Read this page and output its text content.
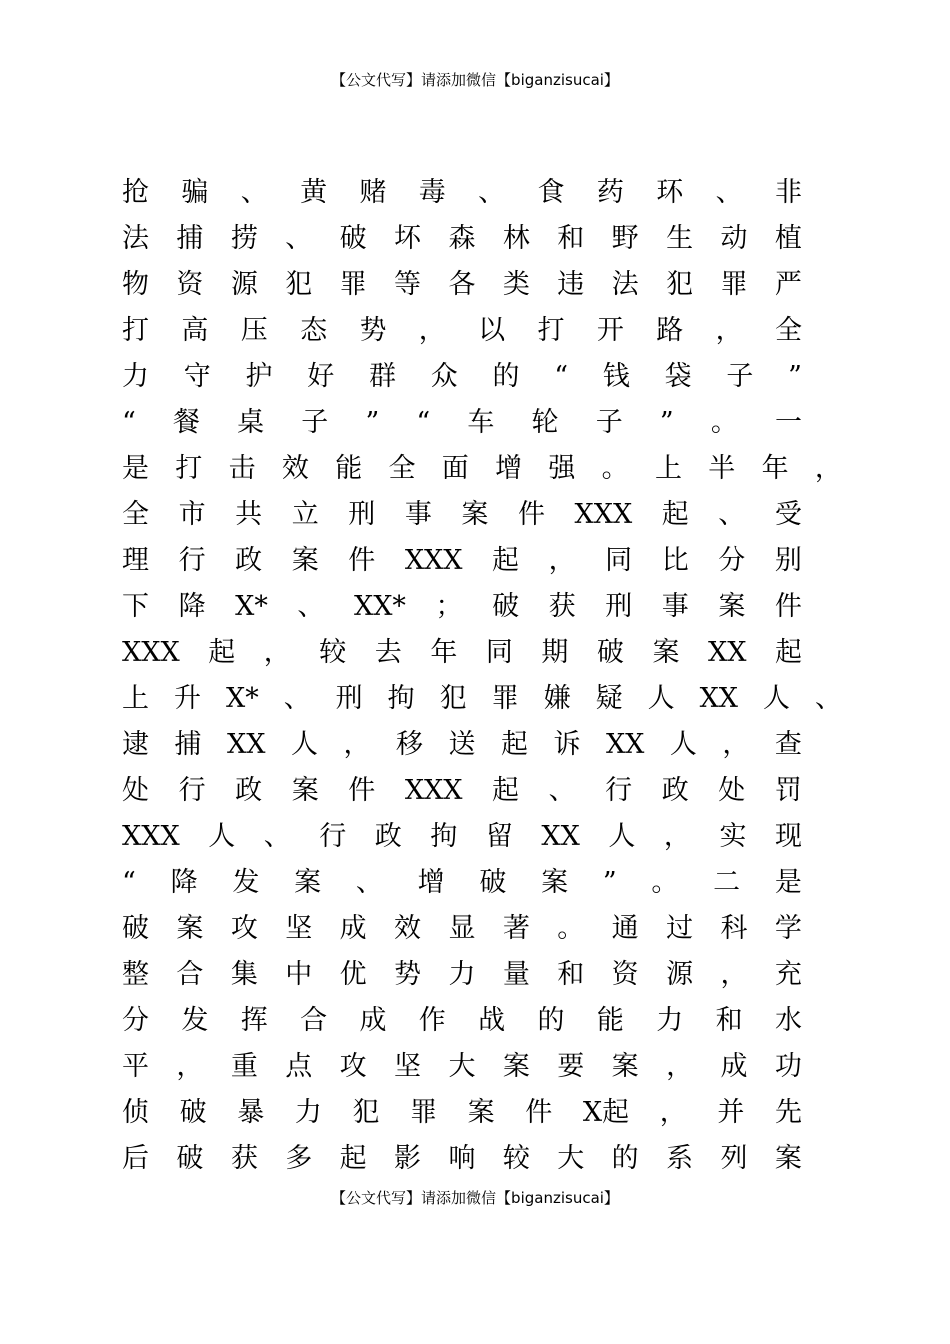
【公文代写】请添加微信【biganzisucai】
抢 骗 、 黄 赌 毒 、 食 药 环 、 非
法 捕 捞 、 破 坏 森 林 和 野 生 动 植
物 资 源 犯 罪 等 各 类 违 法 犯 罪 严
打 高 压 态 势 ， 以 打 开 路 ， 全
力 守 护 好 群 众 的 “ 钱 袋 子 ”
“ 餐 桌 子 ” “ 车 轮 子 ” 。 一
是 打 击 效 能 全 面 增 强 。 上 半 年 ，
全 市 共 立 刑 事 案 件 XXX 起 、 受
理 行 政 案 件 XXX 起 ， 同 比 分 别
下 降 X* 、 XX* ； 破 获 刑 事 案 件
XXX 起 ， 较 去 年 同 期 破 案 XX 起
上 升 X* 、 刑 拘 犯 罪 嫌 疑 人 XX 人 、
逮 捕 XX 人 ， 移 送 起 诉 XX 人 ， 查
处 行 政 案 件 XXX 起 、 行 政 处 罚
XXX 人 、 行 政 拘 留 XX 人 ， 实 现
“ 降 发 案 、 增 破 案 ” 。 二 是
破 案 攻 坚 成 效 显 著 。 通 过 科 学
整 合 集 中 优 势 力 量 和 资 源 ， 充
分 发 挥 合 成 作 战 的 能 力 和 水
平 ， 重 点 攻 坚 大 案 要 案 ， 成 功
侦 破 暴 力 犯 罪 案 件 X起 ， 并 先
后 破 获 多 起 影 响 较 大 的 系 列 案
【公文代写】请添加微信【biganzisucai】
